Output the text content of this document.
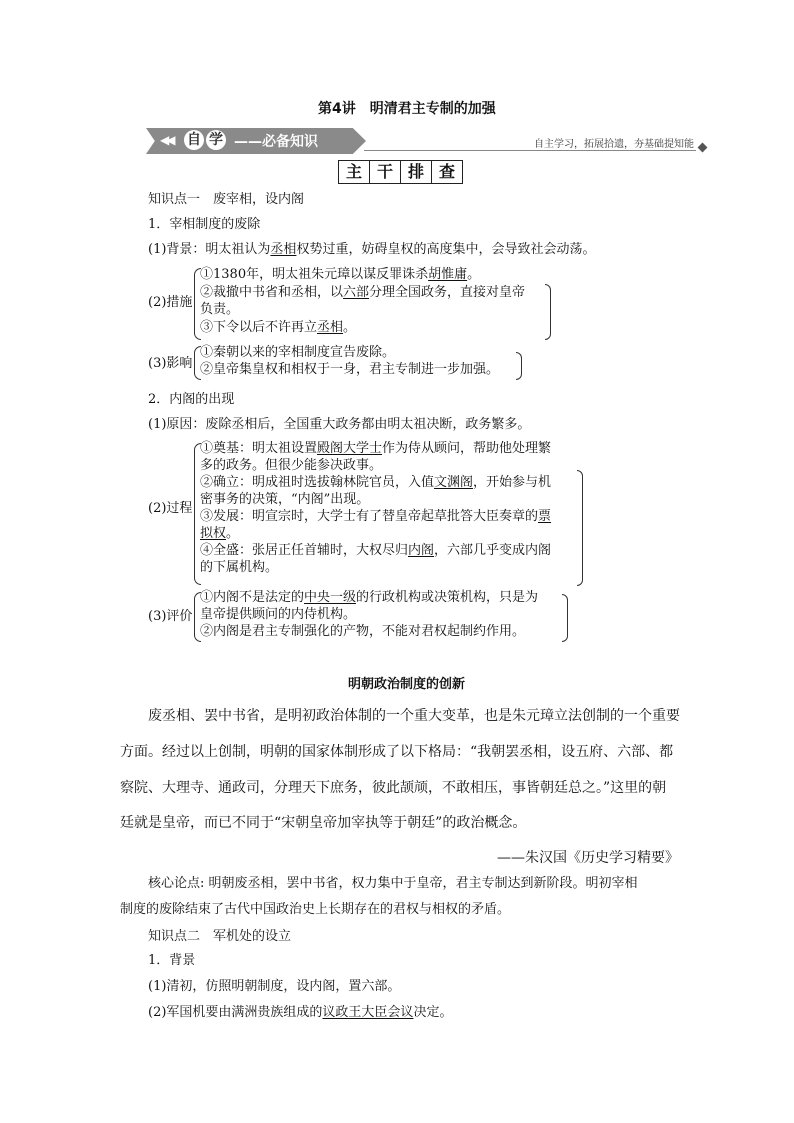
第4讲　明清君主专制的加强
◀◀ 自 学 ——必备知识	自主学习，拓展拾遗，夯基础提知能
主 干 排 查
知识点一　废宰相，设内阁
1．宰相制度的废除
(1)背景：明太祖认为丞相权势过重，妨碍皇权的高度集中，会导致社会动荡。
(2)措施
①1380年，明太祖朱元璋以谋反罪诛杀胡惟庸。
②裁撤中书省和丞相，以六部分理全国政务，直接对皇帝
负责。
③下令以后不许再立丞相。
(3)影响
①秦朝以来的宰相制度宣告废除。
②皇帝集皇权和相权于一身，君主专制进一步加强。
2．内阁的出现
(1)原因：废除丞相后，全国重大政务都由明太祖决断，政务繁多。
(2)过程
①奠基：明太祖设置殿阁大学士作为侍从顾问，帮助他处理繁
多的政务。但很少能参决政事。
②确立：明成祖时选拔翰林院官员，入值文渊阁，开始参与机
密事务的决策，“内阁”出现。
③发展：明宣宗时，大学士有了替皇帝起草批答大臣奏章的票
拟权。
④全盛：张居正任首辅时，大权尽归内阁，六部几乎变成内阁
的下属机构。
(3)评价
①内阁不是法定的中央一级的行政机构或决策机构，只是为
皇帝提供顾问的内侍机构。
②内阁是君主专制强化的产物，不能对君权起制约作用。
明朝政治制度的创新
废丞相、罢中书省，是明初政治体制的一个重大变革，也是朱元璋立法创制的一个重要
方面。经过以上创制，明朝的国家体制形成了以下格局：“我朝罢丞相，设五府、六部、都
察院、大理寺、通政司，分理天下庶务，彼此颉颃，不敢相压，事皆朝廷总之。”这里的朝
廷就是皇帝，而已不同于“宋朝皇帝加宰执等于朝廷”的政治概念。
——朱汉国《历史学习精要》
核心论点: 明朝废丞相，罢中书省，权力集中于皇帝，君主专制达到新阶段。明初宰相
制度的废除结束了古代中国政治史上长期存在的君权与相权的矛盾。
知识点二　军机处的设立
1．背景
(1)清初，仿照明朝制度，设内阁，置六部。
(2)军国机要由满洲贵族组成的议政王大臣会议决定。
